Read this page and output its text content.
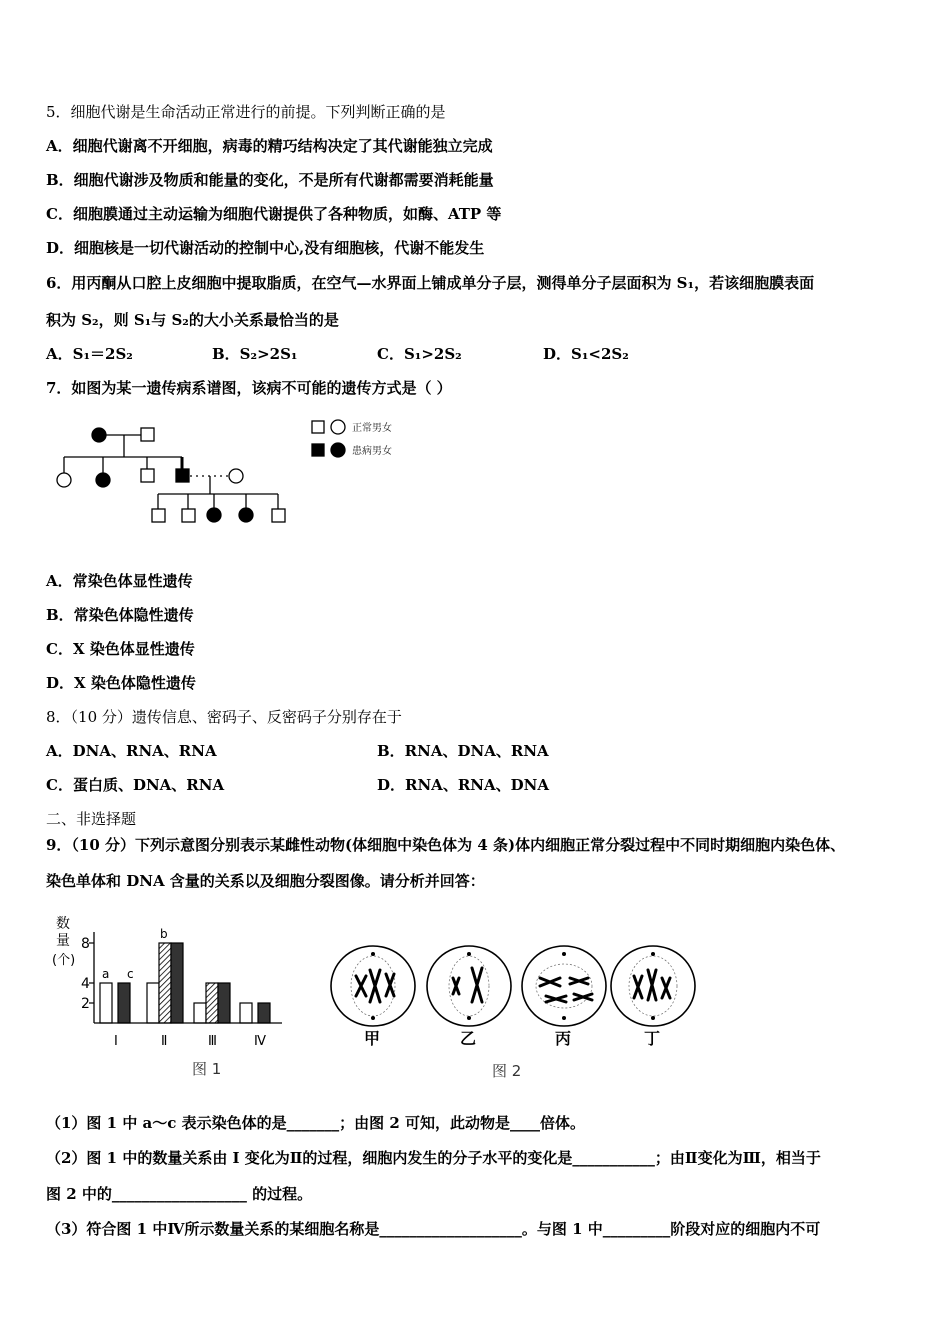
5．细胞代谢是生命活动正常进行的前提。下列判断正确的是
A．细胞代谢离不开细胞，病毒的精巧结构决定了其代谢能独立完成
B．细胞代谢涉及物质和能量的变化，不是所有代谢都需要消耗能量
C．细胞膜通过主动运输为细胞代谢提供了各种物质，如酶、ATP 等
D．细胞核是一切代谢活动的控制中心,没有细胞核，代谢不能发生
6．用丙酮从口腔上皮细胞中提取脂质，在空气—水界面上铺成单分子层，测得单分子层面积为 S₁，若该细胞膜表面
积为 S₂，则 S₁与 S₂的大小关系最恰当的是
A．S₁＝2S₂	B．S₂>2S₁	C．S₁>2S₂	D．S₁<2S₂
7．如图为某一遗传病系谱图，该病不可能的遗传方式是（ ）
正常男女
患病男女
A．常染色体显性遗传
B．常染色体隐性遗传
C．X 染色体显性遗传
D．X 染色体隐性遗传
8．（10 分）遗传信息、密码子、反密码子分别存在于
A．DNA、RNA、RNA	B．RNA、DNA、RNA
C．蛋白质、DNA、RNA	D．RNA、RNA、DNA
二、非选择题
9．（10 分）下列示意图分别表示某雌性动物(体细胞中染色体为 4 条)体内细胞正常分裂过程中不同时期细胞内染色体、
染色单体和 DNA 含量的关系以及细胞分裂图像。请分析并回答：
数
量
(个)
2
4
8
I	Ⅱ	Ⅲ	Ⅳ
a c
b
图 1
甲	乙	丙	丁
图 2
（1）图 1 中 a～c 表示染色体的是_______；由图 2 可知，此动物是____倍体。
（2）图 1 中的数量关系由 I 变化为Ⅱ的过程，细胞内发生的分子水平的变化是___________；由Ⅱ变化为Ⅲ，相当于
图 2 中的__________________ 的过程。
（3）符合图 1 中Ⅳ所示数量关系的某细胞名称是___________________。与图 1 中_________阶段对应的细胞内不可
